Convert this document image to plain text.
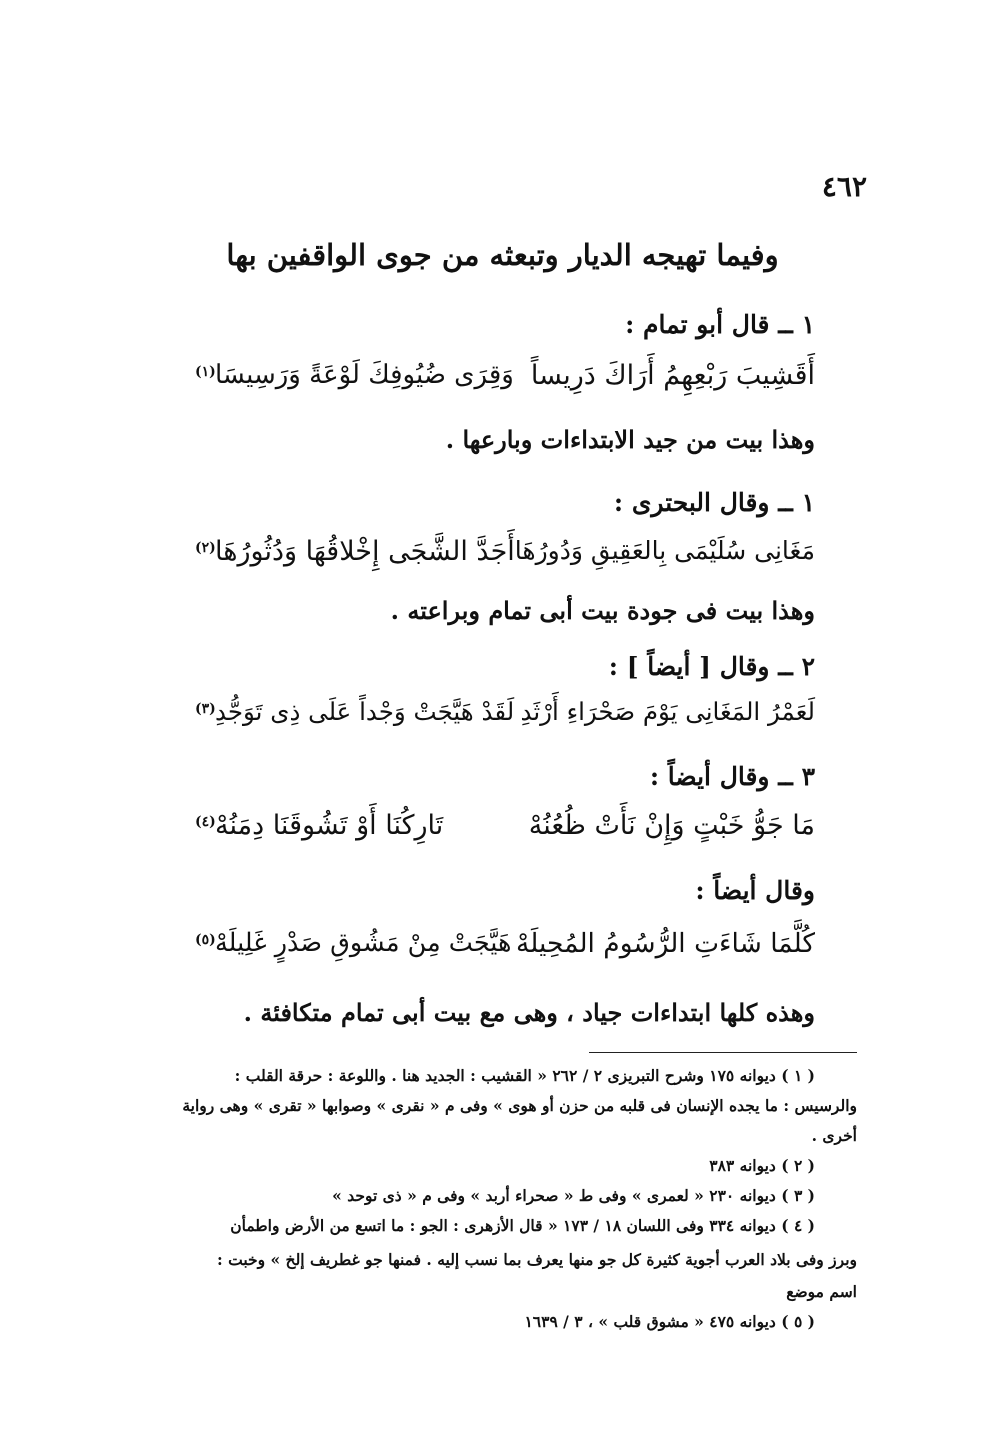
٤٦٢
وفيما تهيجه الديار وتبعثه من جوى الواقفين بها
١ ــ قال أبو تمام :
أَقَشِيبَ رَبْعِهِمُ أَرَاكَ دَرِيساً
وَقِرَى ضُيُوفِكَ لَوْعَةً وَرَسِيسَا
(١)
وهذا بيت من جيد الابتداءات وبارعها .
١ ــ وقال البحترى :
مَغَانِى سُلَيْمَى بِالعَقِيقِ وَدُورُهَا
أَجَدَّ الشَّجَى إِخْلاقُهَا وَدُثُورُهَا
(٢)
وهذا بيت فى جودة بيت أبى تمام وبراعته .
٢ ــ وقال [ أيضاً ] :
لَعَمْرُ المَغَانِى يَوْمَ صَحْرَاءِ أَرْثَدِ
لَقَدْ هَيَّجَتْ وَجْداً عَلَى ذِى تَوَجُّدِ
(٣)
٣ ــ وقال أيضاً :
مَا جَوُّ خَبْتٍ وَإِنْ نَأَتْ ظُعُنُهْ
تَارِكُنَا أَوْ تَشُوقَنَا دِمَنُهْ
(٤)
وقال أيضاً :
كُلَّمَا شَاءَتِ الرُّسُومُ المُحِيلَهْ
هَيَّجَتْ مِنْ مَشُوقِ صَدْرٍ غَلِيلَهْ
(٥)
وهذه كلها ابتداءات جياد ، وهى مع بيت أبى تمام متكافئة .
( ١ ) ديوانه ١٧٥ وشرح التبريزى ٢ / ٢٦٢ « القشيب : الجديد هنا . واللوعة : حرقة القلب :
والرسيس : ما يجده الإنسان فى قلبه من حزن أو هوى » وفى م « نقرى » وصوابها « تقرى » وهى رواية
أخرى .
( ٢ ) ديوانه ٣٨٣
( ٣ ) ديوانه ٢٣٠ « لعمرى » وفى ط « صحراء أربد » وفى م « ذى توحد »
( ٤ ) ديوانه ٣٣٤ وفى اللسان ١٨ / ١٧٣ « قال الأزهرى : الجو : ما اتسع من الأرض واطمأن
وبرز وفى بلاد العرب أجوية كثيرة كل جو منها يعرف بما نسب إليه . فمنها جو غطريف إلخ » وخبت :
اسم موضع
( ٥ ) ديوانه ٤٧٥ « مشوق قلب » ، ٣ / ١٦٣٩
